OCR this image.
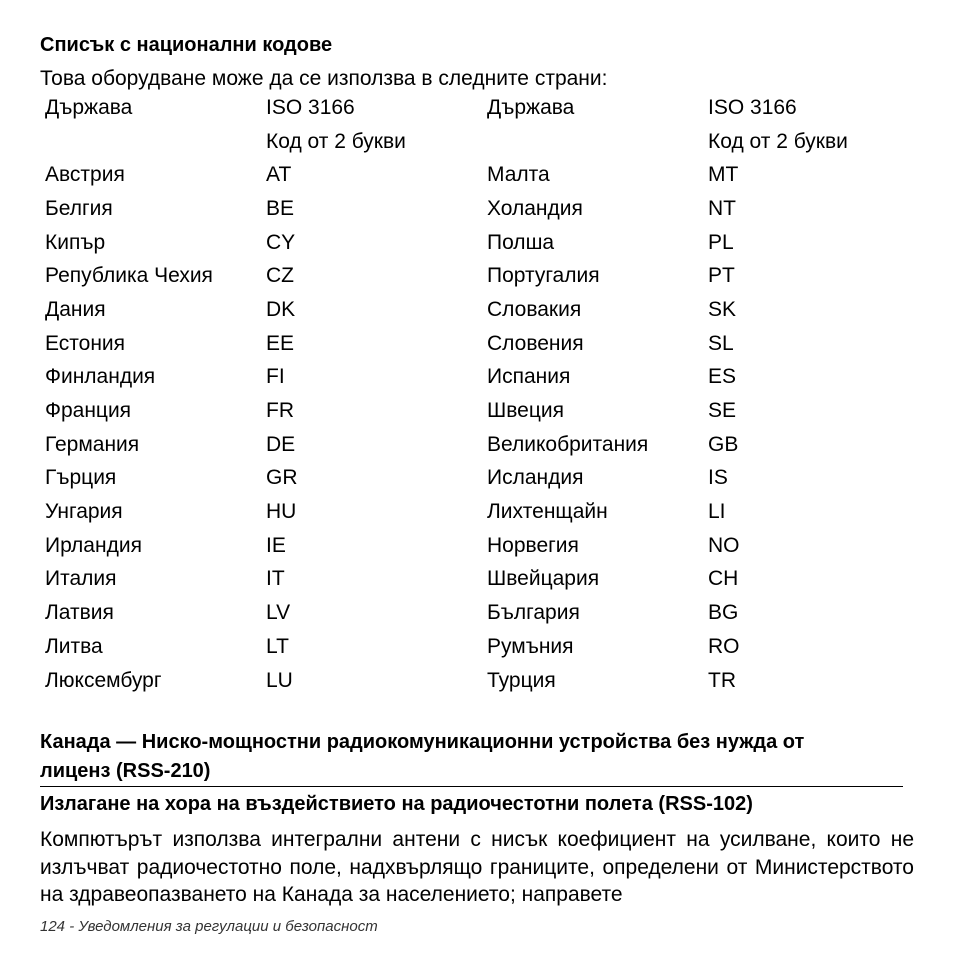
Списък с национални кодове
Това оборудване може да се използва в следните страни:
Държава	ISO 3166	Държава	ISO 3166
	Код от 2 букви		Код от 2 букви
Австрия	AT	Малта	MT
Белгия	BE	Холандия	NT
Кипър	CY	Полша	PL
Република Чехия	CZ	Португалия	PT
Дания	DK	Словакия	SK
Естония	EE	Словения	SL
Финландия	FI	Испания	ES
Франция	FR	Швеция	SE
Германия	DE	Великобритания	GB
Гърция	GR	Исландия	IS
Унгария	HU	Лихтенщайн	LI
Ирландия	IE	Норвегия	NO
Италия	IT	Швейцария	CH
Латвия	LV	България	BG
Литва	LT	Румъния	RO
Люксембург	LU	Турция	TR
Канада — Ниско-мощностни радиокомуникационни устройства без нужда от
лиценз (RSS-210)
Излагане на хора на въздействието на радиочестотни полета (RSS-102)
Компютърът използва интегрални антени с нисък коефициент на усилване, които не излъчват радиочестотно поле, надхвърлящо границите, определени от Министерството на здравеопазването на Канада за населението; направете
124 - Уведомления за регулации и безопасност
